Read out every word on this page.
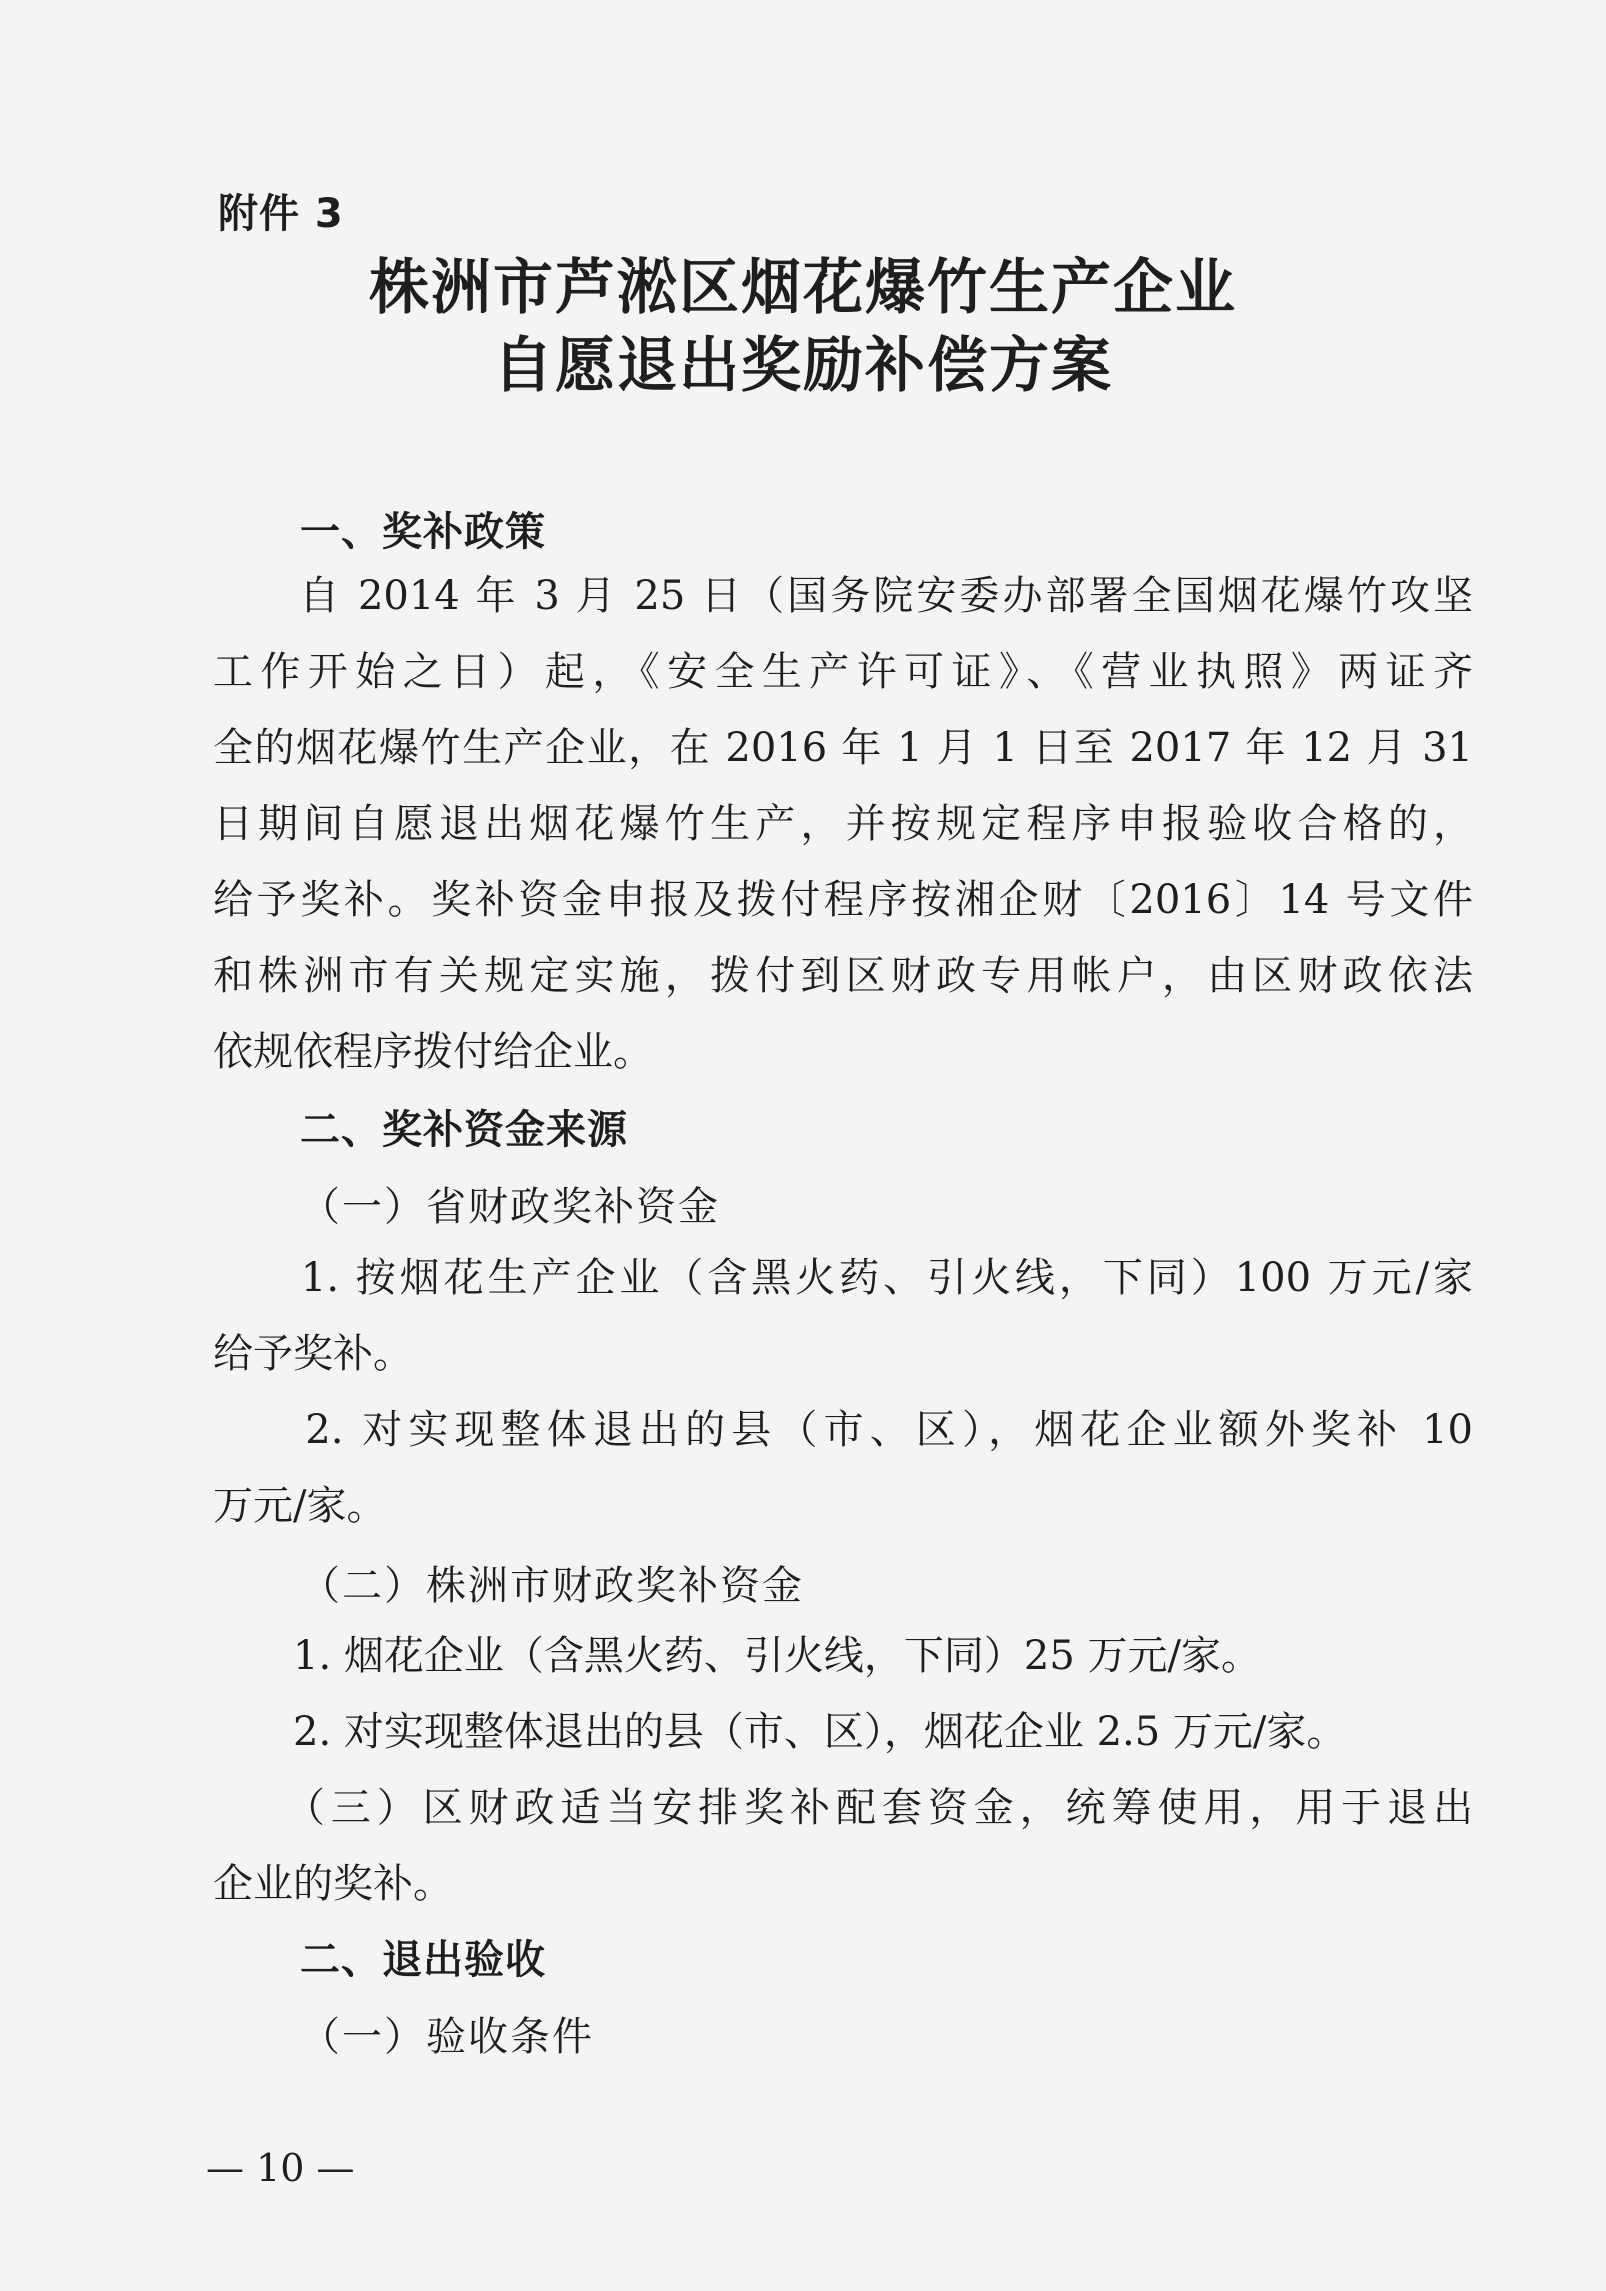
附件 3
株洲市芦淞区烟花爆竹生产企业
自愿退出奖励补偿方案
一、奖补政策
　　自 2014 年 3 月 25 日（国务院安委办部署全国烟花爆竹攻坚
工作开始之日）起，《安全生产许可证》、《营业执照》两证齐
全的烟花爆竹生产企业，在 2016 年 1 月 1 日至 2017 年 12 月 31
日期间自愿退出烟花爆竹生产，并按规定程序申报验收合格的，
给予奖补。奖补资金申报及拨付程序按湘企财〔2016〕14 号文件
和株洲市有关规定实施，拨付到区财政专用帐户，由区财政依法
依规依程序拨付给企业。
二、奖补资金来源
（一）省财政奖补资金
　　1. 按烟花生产企业（含黑火药、引火线，下同）100 万元/家
给予奖补。
　　2. 对实现整体退出的县（市、区），烟花企业额外奖补 10
万元/家。
（二）株洲市财政奖补资金
　　1. 烟花企业（含黑火药、引火线，下同）25 万元/家。
　　2. 对实现整体退出的县（市、区），烟花企业 2.5 万元/家。
　　（三）区财政适当安排奖补配套资金，统筹使用，用于退出
企业的奖补。
二、退出验收
（一）验收条件
— 10 —
